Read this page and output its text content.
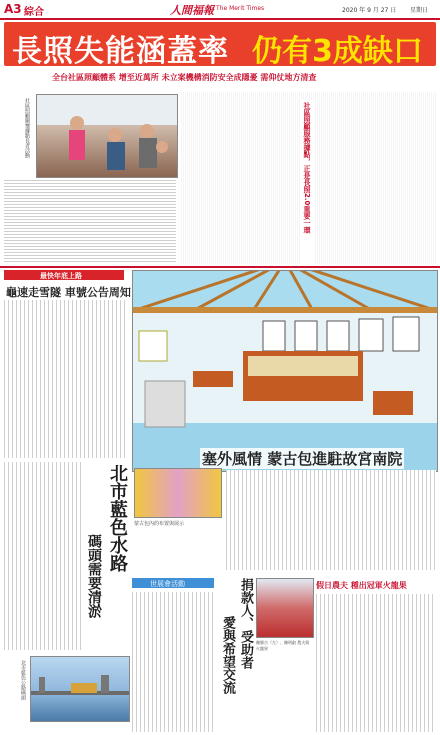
A3 綜合	人間福報 The Merit Times	2020 年 9 月 27 日 星期日
長照失能涵蓋率 仍有3成缺口
全台社區照顧體系 增至近萬所 未立案機構消防安全成隱憂 需仰仗地方清查
社區照顧關懷據點長者活動	社區照顧服務據點，正是長照2.0重要一環
最快年底上路
龜速走雪隧 車號公告周知
塞外風情 蒙古包進駐故宮南院
北市藍色水路
碼頭需要清淤
蒙古包內的布置與展示
世展會活動	捐款人、受助者
愛與希望交流	陳勝吉（左）、陳明叡 農夫與火龍果
假日農夫 種出冠軍火龍果
北市藍色公路碼頭
